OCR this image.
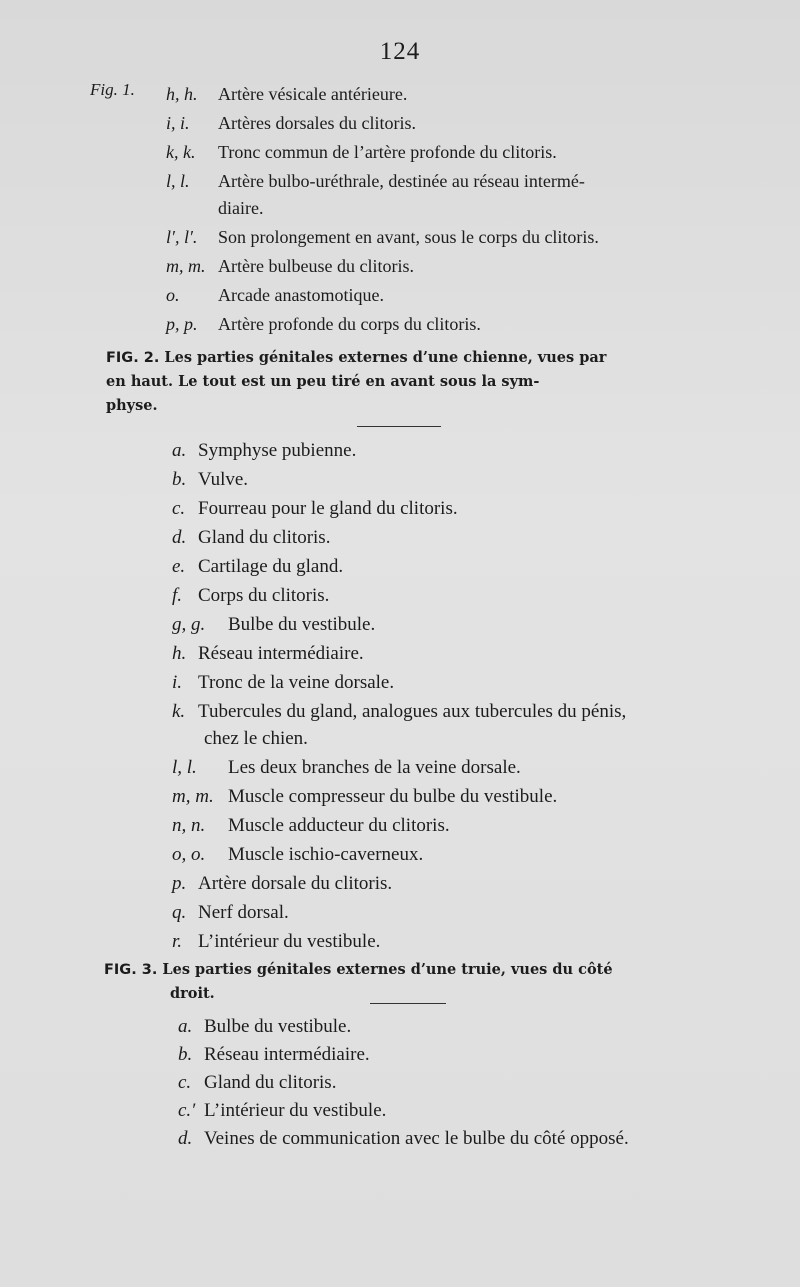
124
Fig. 1. h, h. Artère vésicale antérieure.
i, i. Artères dorsales du clitoris.
k, k. Tronc commun de l’artère profonde du clitoris.
l, l. Artère bulbo-uréthrale, destinée au réseau intermé-
diaire.
l′, l′. Son prolongement en avant, sous le corps du clitoris.
m, m. Artère bulbeuse du clitoris.
o. Arcade anastomotique.
p, p. Artère profonde du corps du clitoris.
FIG. 2. Les parties génitales externes d’une chienne, vues par
en haut. Le tout est un peu tiré en avant sous la sym-
physe.
a. Symphyse pubienne.
b. Vulve.
c. Fourreau pour le gland du clitoris.
d. Gland du clitoris.
e. Cartilage du gland.
f. Corps du clitoris.
g, g. Bulbe du vestibule.
h. Réseau intermédiaire.
i. Tronc de la veine dorsale.
k. Tubercules du gland, analogues aux tubercules du pénis,
chez le chien.
l, l. Les deux branches de la veine dorsale.
m, m. Muscle compresseur du bulbe du vestibule.
n, n. Muscle adducteur du clitoris.
o, o. Muscle ischio-caverneux.
p. Artère dorsale du clitoris.
q. Nerf dorsal.
r. L’intérieur du vestibule.
FIG. 3. Les parties génitales externes d’une truie, vues du côté
droit.
a. Bulbe du vestibule.
b. Réseau intermédiaire.
c. Gland du clitoris.
c.′ L’intérieur du vestibule.
d. Veines de communication avec le bulbe du côté opposé.
